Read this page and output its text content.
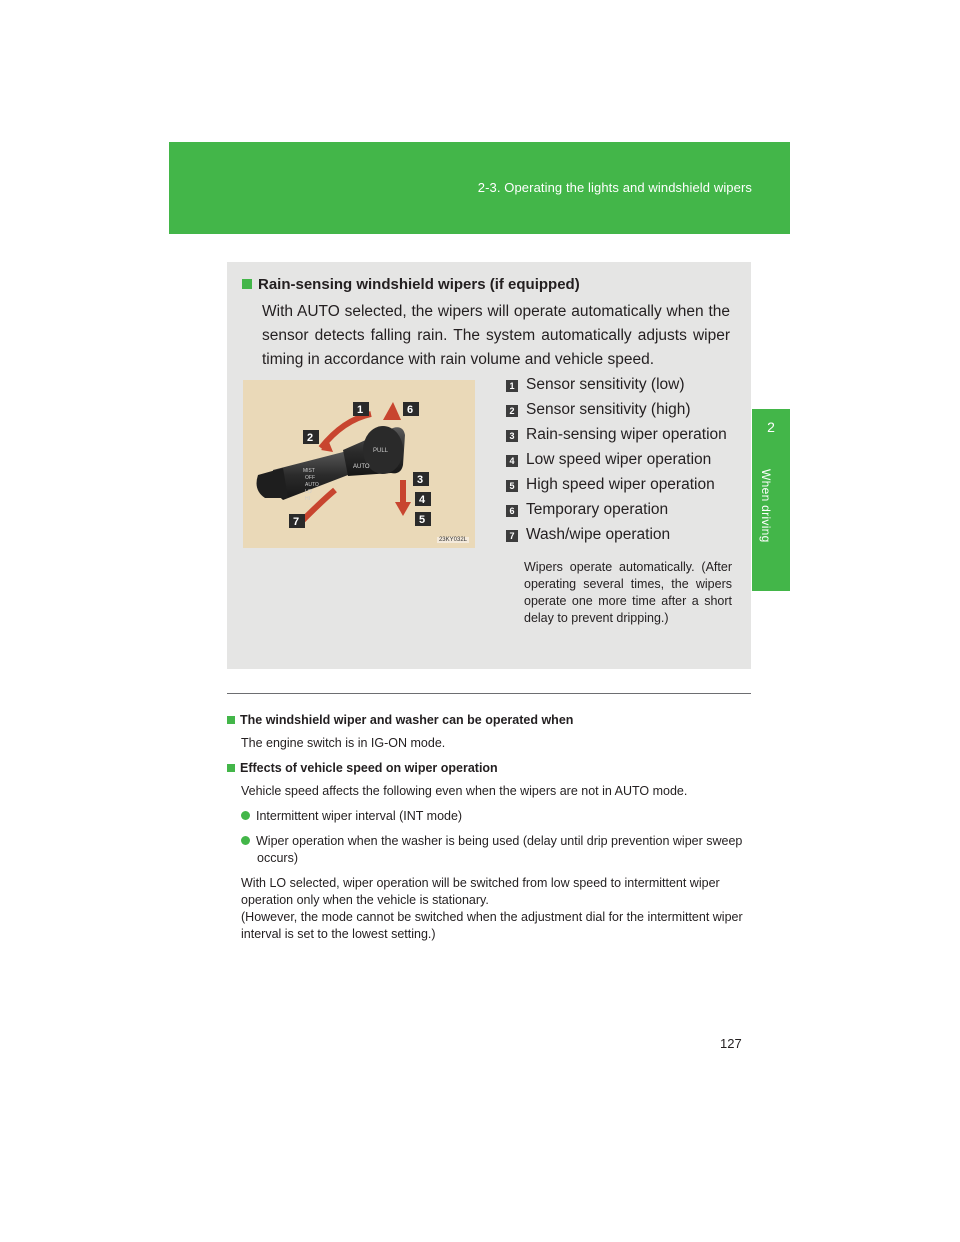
2-3. Operating the lights and windshield wipers
2
When driving
Rain-sensing windshield wipers (if equipped)
With AUTO selected, the wipers will operate automatically when the sensor detects falling rain. The system automatically adjusts wiper timing in accordance with rain volume and vehicle speed.
PULL
AUTO
MIST
OFF
AUTO
LO
HI
1
2
3
4
5
6
7
23KY032L
1 Sensor sensitivity (low)
2 Sensor sensitivity (high)
3 Rain-sensing wiper operation
4 Low speed wiper operation
5 High speed wiper operation
6 Temporary operation
7 Wash/wipe operation
Wipers operate automatically. (After operating several times, the wipers operate one more time after a short delay to prevent dripping.)
The windshield wiper and washer can be operated when
The engine switch is in IG-ON mode.
Effects of vehicle speed on wiper operation
Vehicle speed affects the following even when the wipers are not in AUTO mode.
Intermittent wiper interval (INT mode)
Wiper operation when the washer is being used (delay until drip prevention wiper sweep occurs)
With LO selected, wiper operation will be switched from low speed to intermittent wiper operation only when the vehicle is stationary.
(However, the mode cannot be switched when the adjustment dial for the intermittent wiper interval is set to the lowest setting.)
127
